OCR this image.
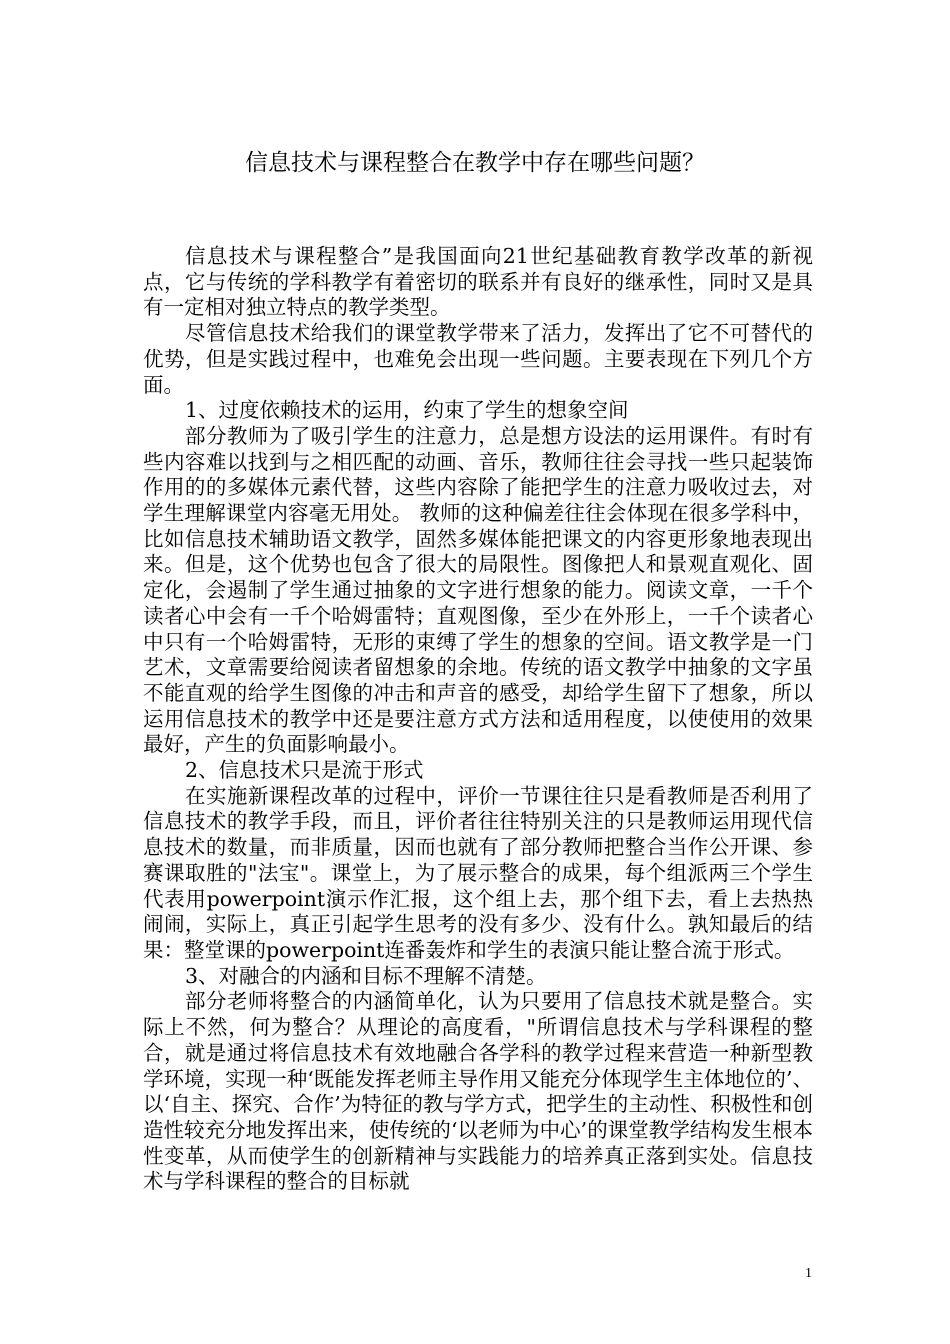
信息技术与课程整合在教学中存在哪些问题？

信息技术与课程整合”是我国面向21世纪基础教育教学改革的新视点，它与传统的学科教学有着密切的联系并有良好的继承性，同时又是具有一定相对独立特点的教学类型。

尽管信息技术给我们的课堂教学带来了活力，发挥出了它不可替代的优势，但是实践过程中，也难免会出现一些问题。主要表现在下列几个方面。

1、过度依赖技术的运用，约束了学生的想象空间

部分教师为了吸引学生的注意力，总是想方设法的运用课件。有时有些内容难以找到与之相匹配的动画、音乐，教师往往会寻找一些只起装饰作用的的多媒体元素代替，这些内容除了能把学生的注意力吸收过去，对学生理解课堂内容毫无用处。 教师的这种偏差往往会体现在很多学科中，比如信息技术辅助语文教学，固然多媒体能把课文的内容更形象地表现出来。但是，这个优势也包含了很大的局限性。图像把人和景观直观化、固定化，会遏制了学生通过抽象的文字进行想象的能力。阅读文章，一千个读者心中会有一千个哈姆雷特；直观图像，至少在外形上，一千个读者心中只有一个哈姆雷特，无形的束缚了学生的想象的空间。语文教学是一门艺术，文章需要给阅读者留想象的余地。传统的语文教学中抽象的文字虽不能直观的给学生图像的冲击和声音的感受，却给学生留下了想象，所以运用信息技术的教学中还是要注意方式方法和适用程度，以使使用的效果最好，产生的负面影响最小。

2、信息技术只是流于形式

在实施新课程改革的过程中，评价一节课往往只是看教师是否利用了信息技术的教学手段，而且，评价者往往特别关注的只是教师运用现代信息技术的数量，而非质量，因而也就有了部分教师把整合当作公开课、参赛课取胜的"法宝"。课堂上，为了展示整合的成果，每个组派两三个学生代表用powerpoint演示作汇报，这个组上去，那个组下去，看上去热热闹闹，实际上，真正引起学生思考的没有多少、没有什么。孰知最后的结果：整堂课的powerpoint连番轰炸和学生的表演只能让整合流于形式。

3、对融合的内涵和目标不理解不清楚。

部分老师将整合的内涵简单化，认为只要用了信息技术就是整合。实际上不然，何为整合？从理论的高度看，"所谓信息技术与学科课程的整合，就是通过将信息技术有效地融合各学科的教学过程来营造一种新型教学环境，实现一种‘既能发挥老师主导作用又能充分体现学生主体地位的’、以‘自主、探究、合作’为特征的教与学方式，把学生的主动性、积极性和创造性较充分地发挥出来，使传统的‘以老师为中心’的课堂教学结构发生根本性变革，从而使学生的创新精神与实践能力的培养真正落到实处。信息技术与学科课程的整合的目标就

1
